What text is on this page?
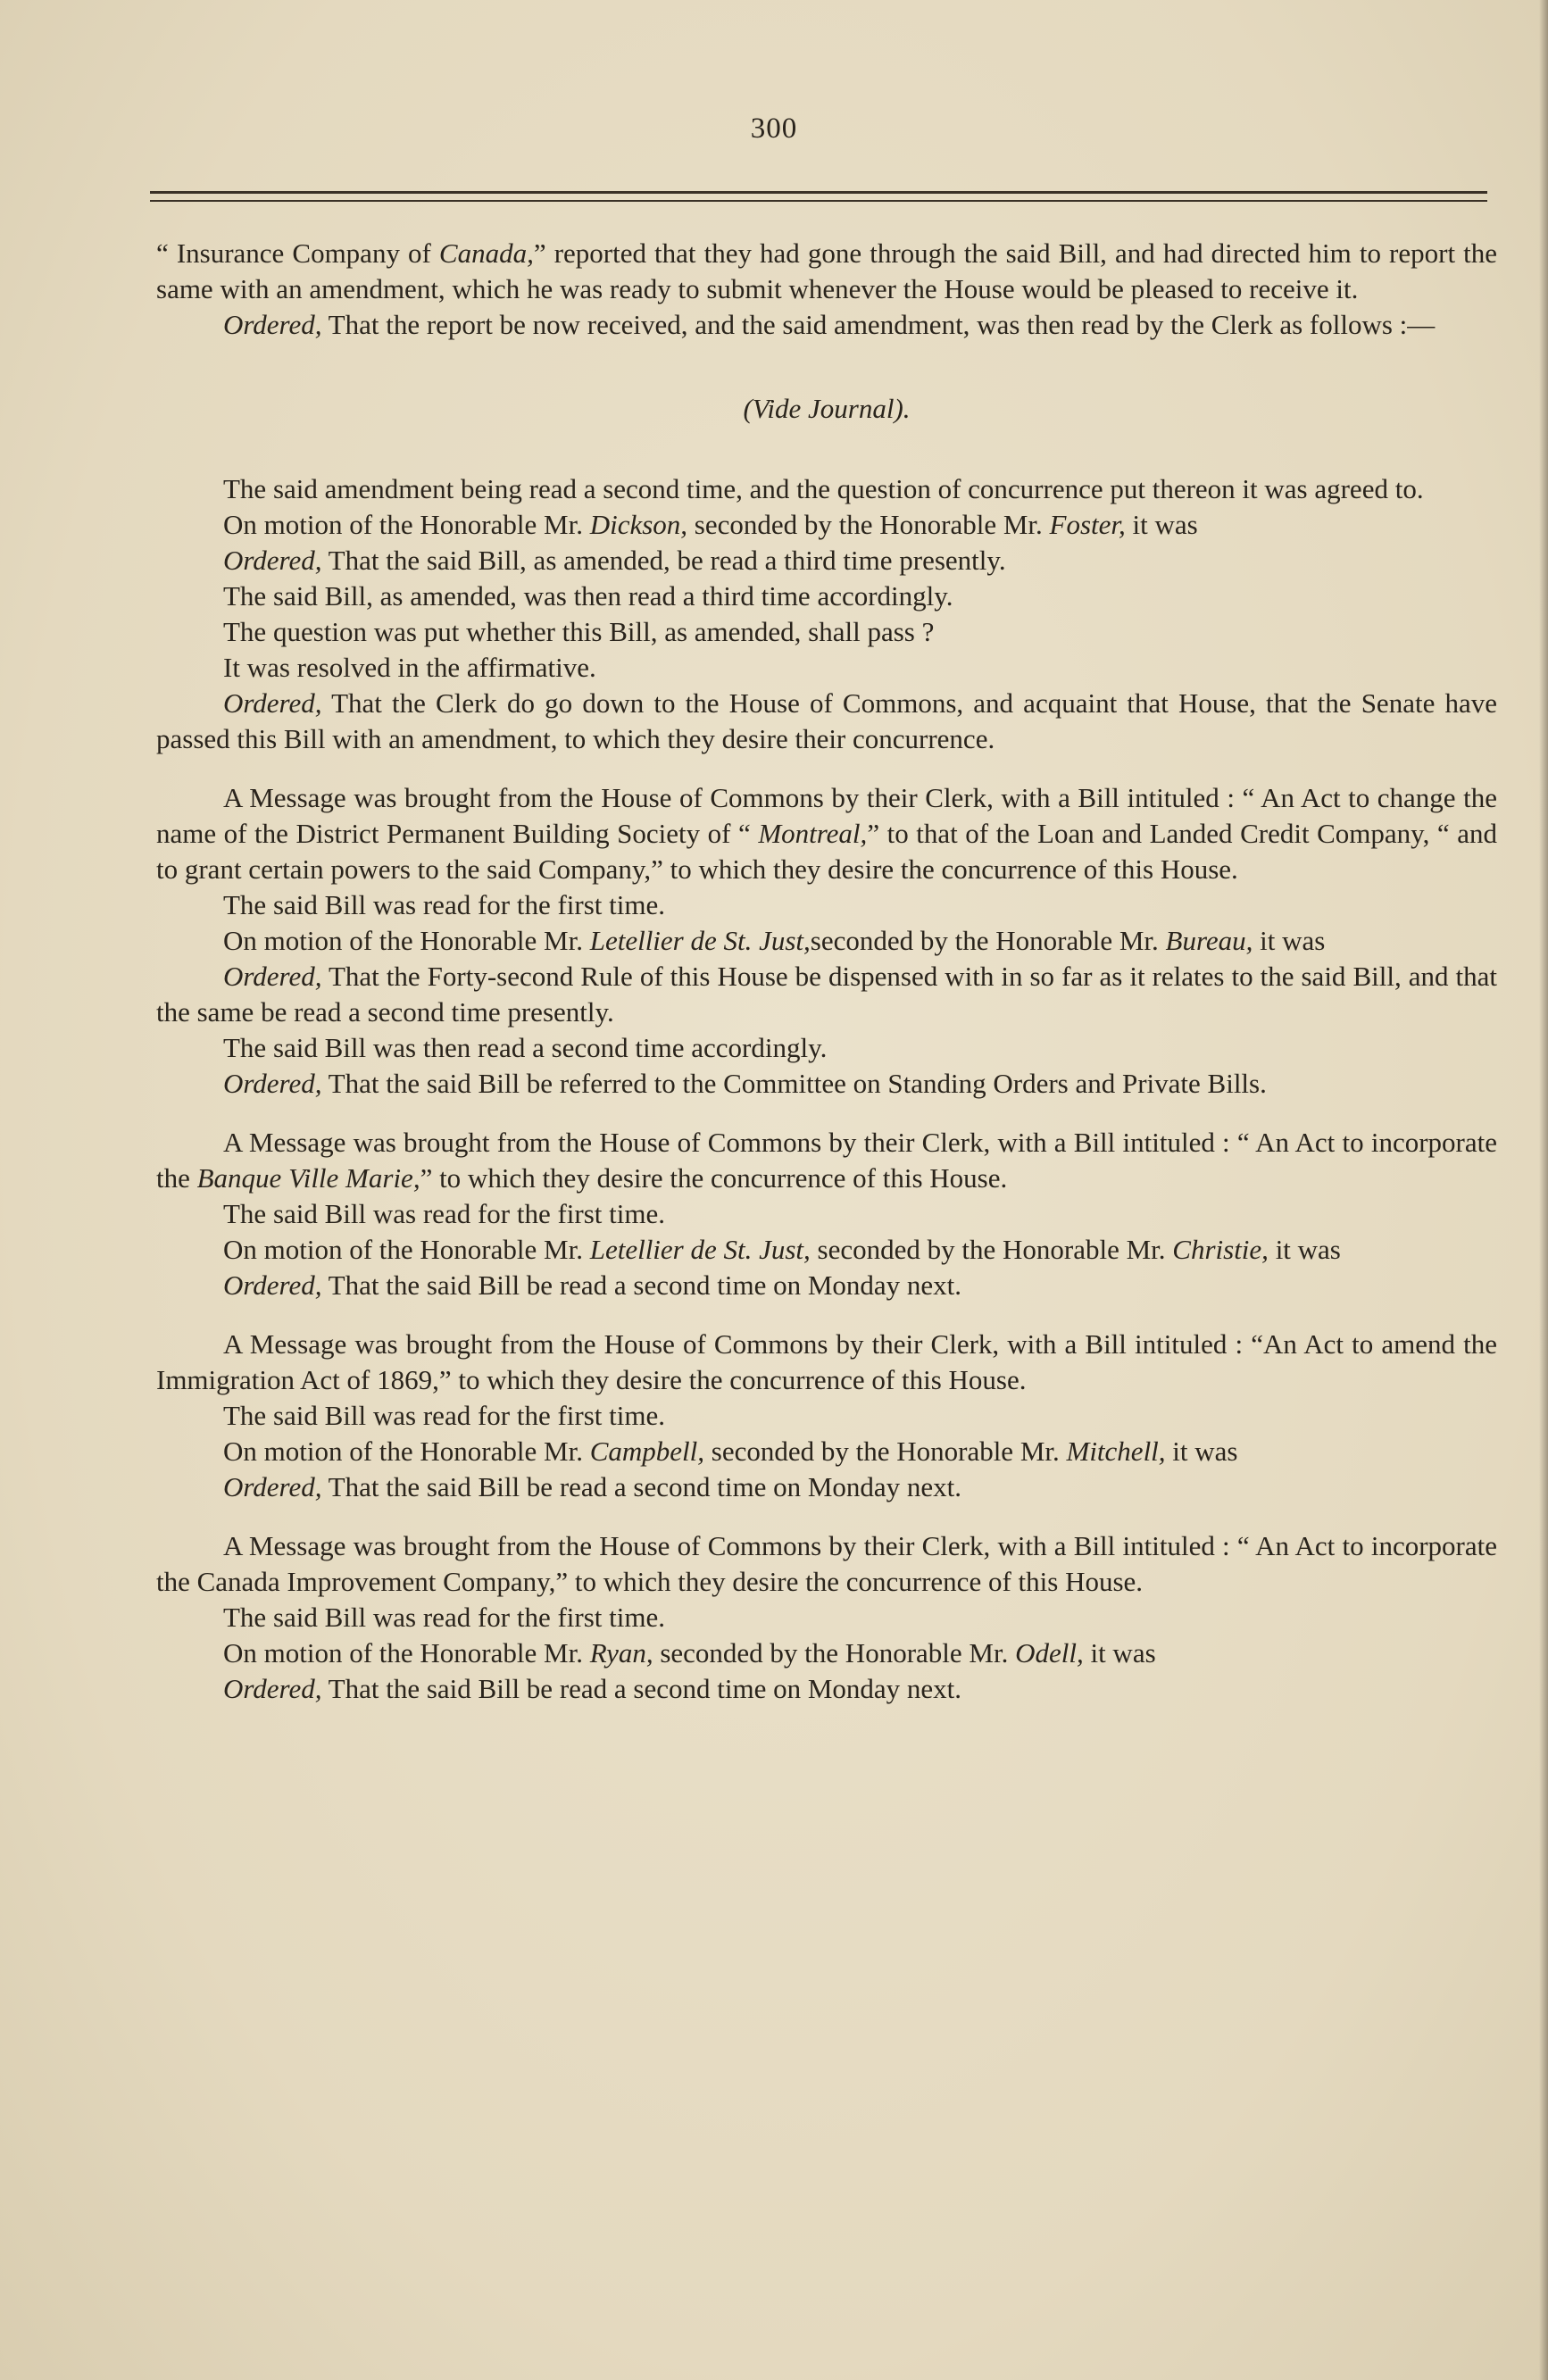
300

“ Insurance Company of Canada,” reported that they had gone through the said Bill, and had directed him to report the same with an amendment, which he was ready to submit whenever the House would be pleased to receive it.

Ordered, That the report be now received, and the said amendment, was then read by the Clerk as follows :—

(Vide Journal).

The said amendment being read a second time, and the question of concurrence put thereon it was agreed to.

On motion of the Honorable Mr. Dickson, seconded by the Honorable Mr. Foster, it was

Ordered, That the said Bill, as amended, be read a third time presently.

The said Bill, as amended, was then read a third time accordingly.

The question was put whether this Bill, as amended, shall pass ?

It was resolved in the affirmative.

Ordered, That the Clerk do go down to the House of Commons, and acquaint that House, that the Senate have passed this Bill with an amendment, to which they desire their concurrence.

A Message was brought from the House of Commons by their Clerk, with a Bill intituled : “ An Act to change the name of the District Permanent Building Society of “ Montreal,” to that of the Loan and Landed Credit Company, “ and to grant certain powers to the said Company,” to which they desire the concurrence of this House.

The said Bill was read for the first time.

On motion of the Honorable Mr. Letellier de St. Just,seconded by the Honorable Mr. Bureau, it was

Ordered, That the Forty-second Rule of this House be dispensed with in so far as it relates to the said Bill, and that the same be read a second time presently.

The said Bill was then read a second time accordingly.

Ordered, That the said Bill be referred to the Committee on Standing Orders and Private Bills.

A Message was brought from the House of Commons by their Clerk, with a Bill intituled : “ An Act to incorporate the Banque Ville Marie,” to which they desire the concurrence of this House.

The said Bill was read for the first time.

On motion of the Honorable Mr. Letellier de St. Just, seconded by the Honorable Mr. Christie, it was

Ordered, That the said Bill be read a second time on Monday next.

A Message was brought from the House of Commons by their Clerk, with a Bill intituled : “An Act to amend the Immigration Act of 1869,” to which they desire the concurrence of this House.

The said Bill was read for the first time.

On motion of the Honorable Mr. Campbell, seconded by the Honorable Mr. Mitchell, it was

Ordered, That the said Bill be read a second time on Monday next.

A Message was brought from the House of Commons by their Clerk, with a Bill intituled : “ An Act to incorporate the Canada Improvement Company,” to which they desire the concurrence of this House.

The said Bill was read for the first time.

On motion of the Honorable Mr. Ryan, seconded by the Honorable Mr. Odell, it was

Ordered, That the said Bill be read a second time on Monday next.
